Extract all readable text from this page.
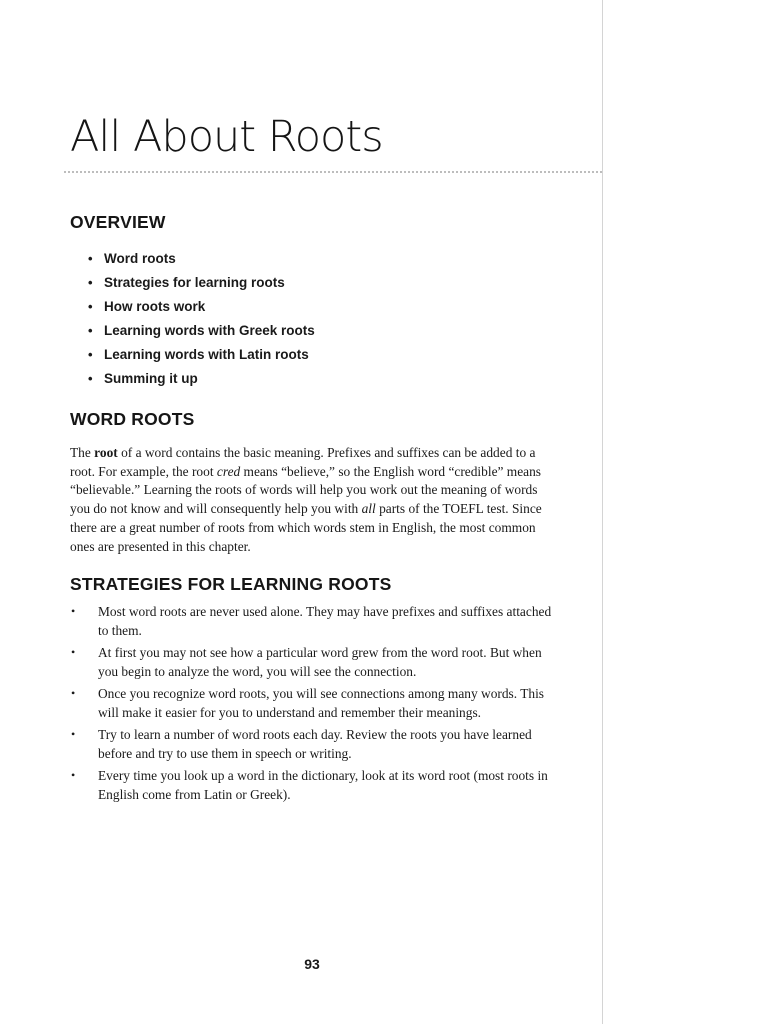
All About Roots
OVERVIEW
• Word roots
• Strategies for learning roots
• How roots work
• Learning words with Greek roots
• Learning words with Latin roots
• Summing it up
WORD ROOTS

The root of a word contains the basic meaning. Prefixes and suffixes can be added to a root. For example, the root cred means “believe,” so the English word “credible” means “believable.” Learning the roots of words will help you work out the meaning of words you do not know and will consequently help you with all parts of the TOEFL test. Since there are a great number of roots from which words stem in English, the most common ones are presented in this chapter.

STRATEGIES FOR LEARNING ROOTS
• Most word roots are never used alone. They may have prefixes and suffixes attached to them.
• At first you may not see how a particular word grew from the word root. But when you begin to analyze the word, you will see the connection.
• Once you recognize word roots, you will see connections among many words. This will make it easier for you to understand and remember their meanings.
• Try to learn a number of word roots each day. Review the roots you have learned before and try to use them in speech or writing.
• Every time you look up a word in the dictionary, look at its word root (most roots in English come from Latin or Greek).

93
